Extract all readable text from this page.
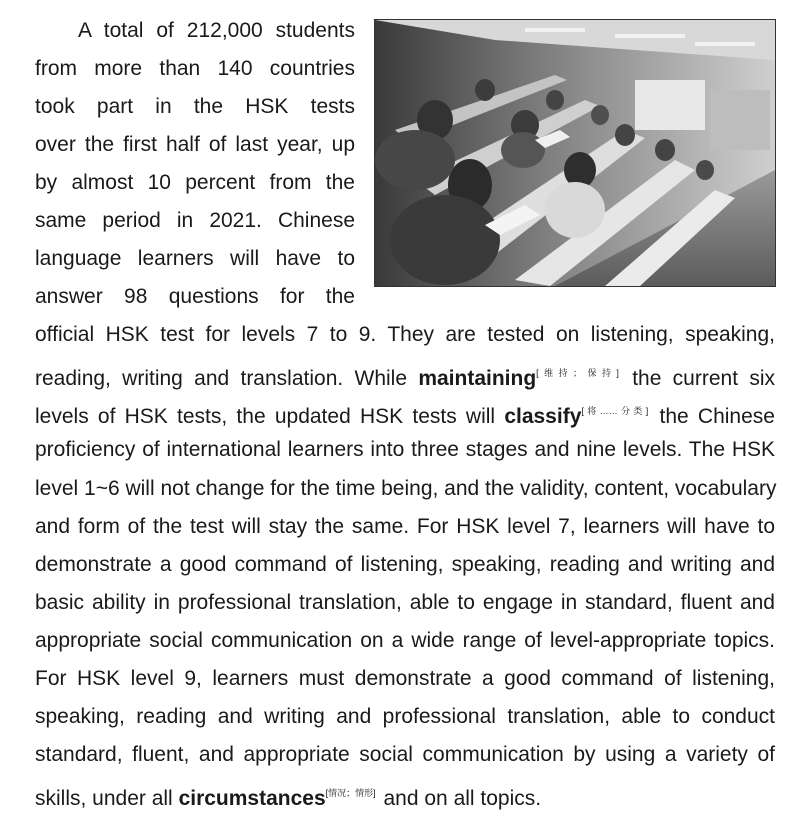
A total of 212,000 students
from more than 140 countries
took part in the HSK tests
over the first half of last year, up
by almost 10 percent from the
same period in 2021. Chinese
language learners will have to
answer 98 questions for the
official HSK test for levels 7 to 9. They are tested on listening, speaking,
reading, writing and translation. While maintaining[维持；保持] the current six
levels of HSK tests, the updated HSK tests will classify[将……分类] the Chinese
proficiency of international learners into three stages and nine levels. The HSK
level 1~6 will not change for the time being, and the validity, content, vocabulary
and form of the test will stay the same. For HSK level 7, learners will have to
demonstrate a good command of listening, speaking, reading and writing and
basic ability in professional translation, able to engage in standard, fluent and
appropriate social communication on a wide range of level-appropriate topics.
For HSK level 9, learners must demonstrate a good command of listening,
speaking, reading and writing and professional translation, able to conduct
standard, fluent, and appropriate social communication by using a variety of
skills, under all circumstances[情况；情形] and on all topics.
